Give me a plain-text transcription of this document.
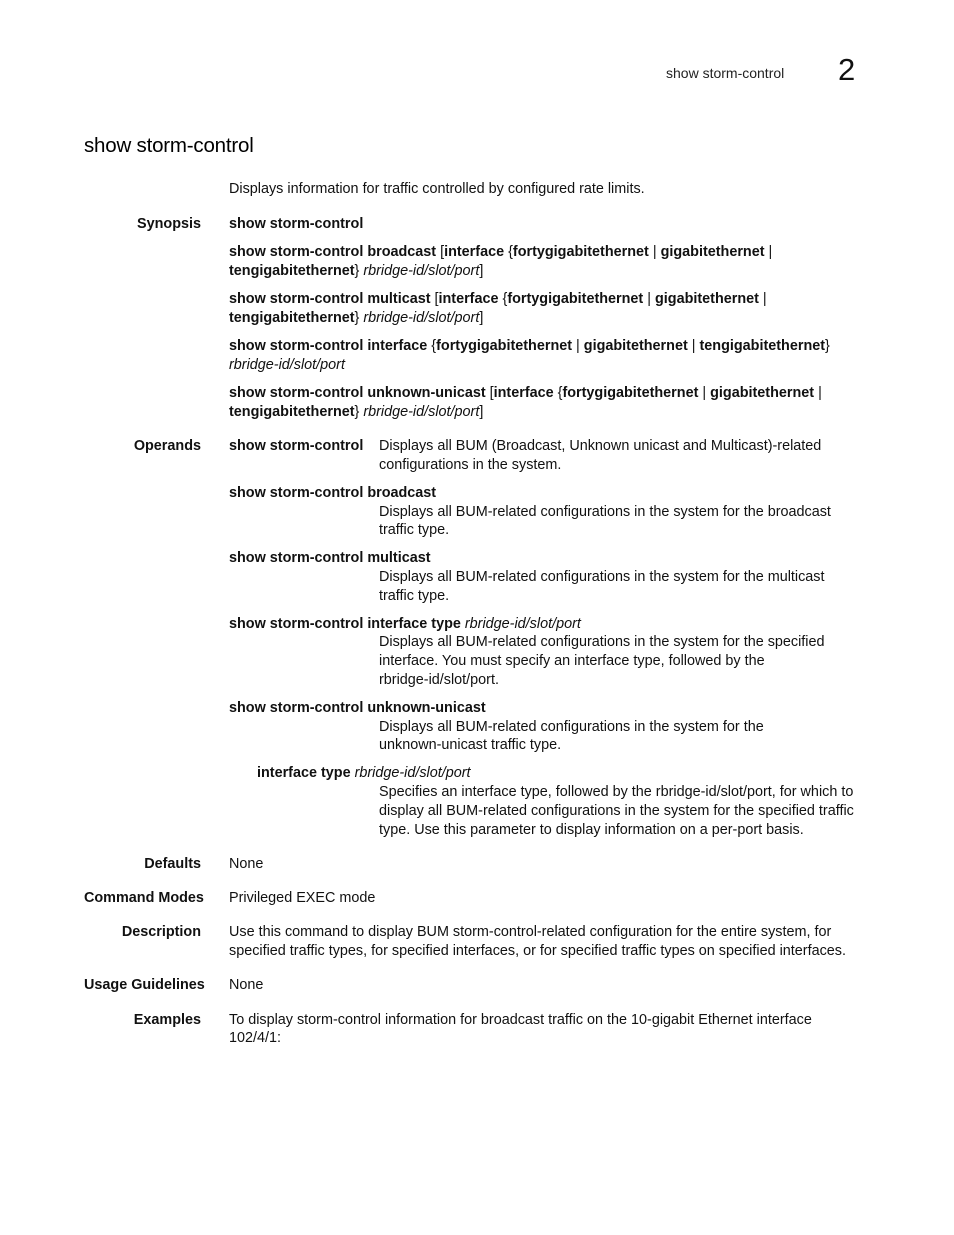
show storm-control 2
show storm-control
Displays information for traffic controlled by configured rate limits.
Synopsis show storm-control
show storm-control broadcast [interface {fortygigabitethernet | gigabitethernet |
tengigabitethernet} rbridge-id/slot/port]
show storm-control multicast [interface {fortygigabitethernet | gigabitethernet |
tengigabitethernet} rbridge-id/slot/port]
show storm-control interface {fortygigabitethernet | gigabitethernet | tengigabitethernet}
rbridge-id/slot/port
show storm-control unknown-unicast [interface {fortygigabitethernet | gigabitethernet |
tengigabitethernet} rbridge-id/slot/port]
Operands show storm-control Displays all BUM (Broadcast, Unknown unicast and Multicast)-related
configurations in the system.
show storm-control broadcast
Displays all BUM-related configurations in the system for the broadcast
traffic type.
show storm-control multicast
Displays all BUM-related configurations in the system for the multicast
traffic type.
show storm-control interface type rbridge-id/slot/port
Displays all BUM-related configurations in the system for the specified
interface. You must specify an interface type, followed by the
rbridge-id/slot/port.
show storm-control unknown-unicast
Displays all BUM-related configurations in the system for the
unknown-unicast traffic type.
interface type rbridge-id/slot/port
Specifies an interface type, followed by the rbridge-id/slot/port, for which to
display all BUM-related configurations in the system for the specified traffic
type. Use this parameter to display information on a per-port basis.
Defaults None
Command Modes Privileged EXEC mode
Description Use this command to display BUM storm-control-related configuration for the entire system, for
specified traffic types, for specified interfaces, or for specified traffic types on specified interfaces.
Usage Guidelines None
Examples To display storm-control information for broadcast traffic on the 10-gigabit Ethernet interface
102/4/1:
